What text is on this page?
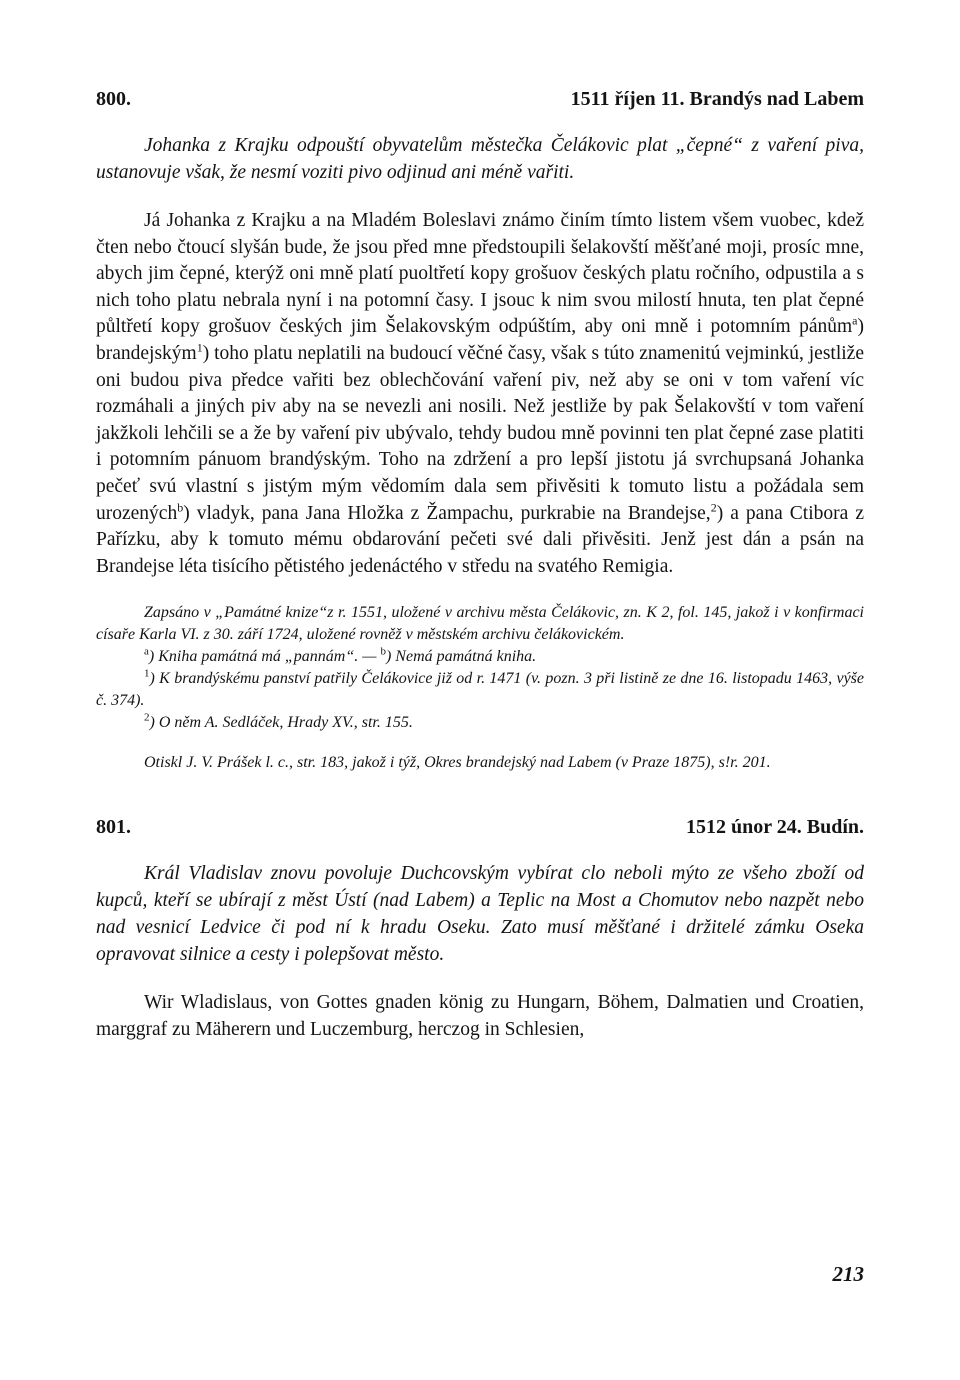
800.	1511 říjen 11. Brandýs nad Labem

Johanka z Krajku odpouští obyvatelům městečka Čelákovic plat „čepné“ z vaření piva, ustanovuje však, že nesmí voziti pivo odjinud ani méně vařiti.

Já Johanka z Krajku a na Mladém Boleslavi známo činím tímto listem všem vuobec, kdež čten nebo čtoucí slyšán bude, že jsou před mne předstoupili šelakovští měšťané moji, prosíc mne, abych jim čepné, kterýž oni mně platí puoltřetí kopy grošuov českých platu ročního, odpustila a s nich toho platu nebrala nyní i na potomní časy. I jsouc k nim svou milostí hnuta, ten plat čepné půltřetí kopy grošuov českých jim Šelakovským odpúštím, aby oni mně i potomním pánům$^a$) brandejským$^1$) toho platu neplatili na budoucí věčné časy, však s túto znamenitú vejminkú, jestliže oni budou piva předce vařiti bez oblechčování vaření piv, než aby se oni v tom vaření víc rozmáhali a jiných piv aby na se nevezli ani nosili. Než jestliže by pak Šelakovští v tom vaření jakžkoli lehčili se a že by vaření piv ubývalo, tehdy budou mně povinni ten plat čepné zase platiti i potomním pánuom brandýským. Toho na zdržení a pro lepší jistotu já svrchupsaná Johanka pečeť svú vlastní s jistým mým vědomím dala sem přivěsiti k tomuto listu a požádala sem urozených$^b$) vladyk, pana Jana Hložka z Žampachu, purkrabie na Brandejse,$^2$) a pana Ctibora z Pařízku, aby k tomuto mému obdarování pečeti své dali přivěsiti. Jenž jest dán a psán na Brandejse léta tisícího pětistého jedenáctého v středu na svatého Remigia.

Zapsáno v „Památné knize“z r. 1551, uložené v archivu města Čelákovic, zn. K 2, fol. 145, jakož i v konfirmaci císaře Karla VI. z 30. září 1724, uložené rovněž v městském archivu čelákovickém.

$^a$) Kniha památná má „pannám“. — $^b$) Nemá památná kniha.

$^1$) K brandýskému panství patřily Čelákovice již od r. 1471 (v. pozn. 3 při listině ze dne 16. listopadu 1463, výše č. 374).

$^2$) O něm A. Sedláček, Hrady XV., str. 155.

Otiskl J. V. Prášek l. c., str. 183, jakož i týž, Okres brandejský nad Labem (v Praze 1875), s!r. 201.

801.	1512 únor 24. Budín.

Král Vladislav znovu povoluje Duchcovským vybírat clo neboli mýto ze všeho zboží od kupců, kteří se ubírají z měst Ústí (nad Labem) a Teplic na Most a Chomutov nebo nazpět nebo nad vesnicí Ledvice či pod ní k hradu Oseku. Zato musí měšťané i držitelé zámku Oseka opravovat silnice a cesty i polepšovat město.

Wir Wladislaus, von Gottes gnaden könig zu Hungarn, Böhem, Dalmatien und Croatien, marggraf zu Mäherern und Luczemburg, herczog in Schlesien,

213
